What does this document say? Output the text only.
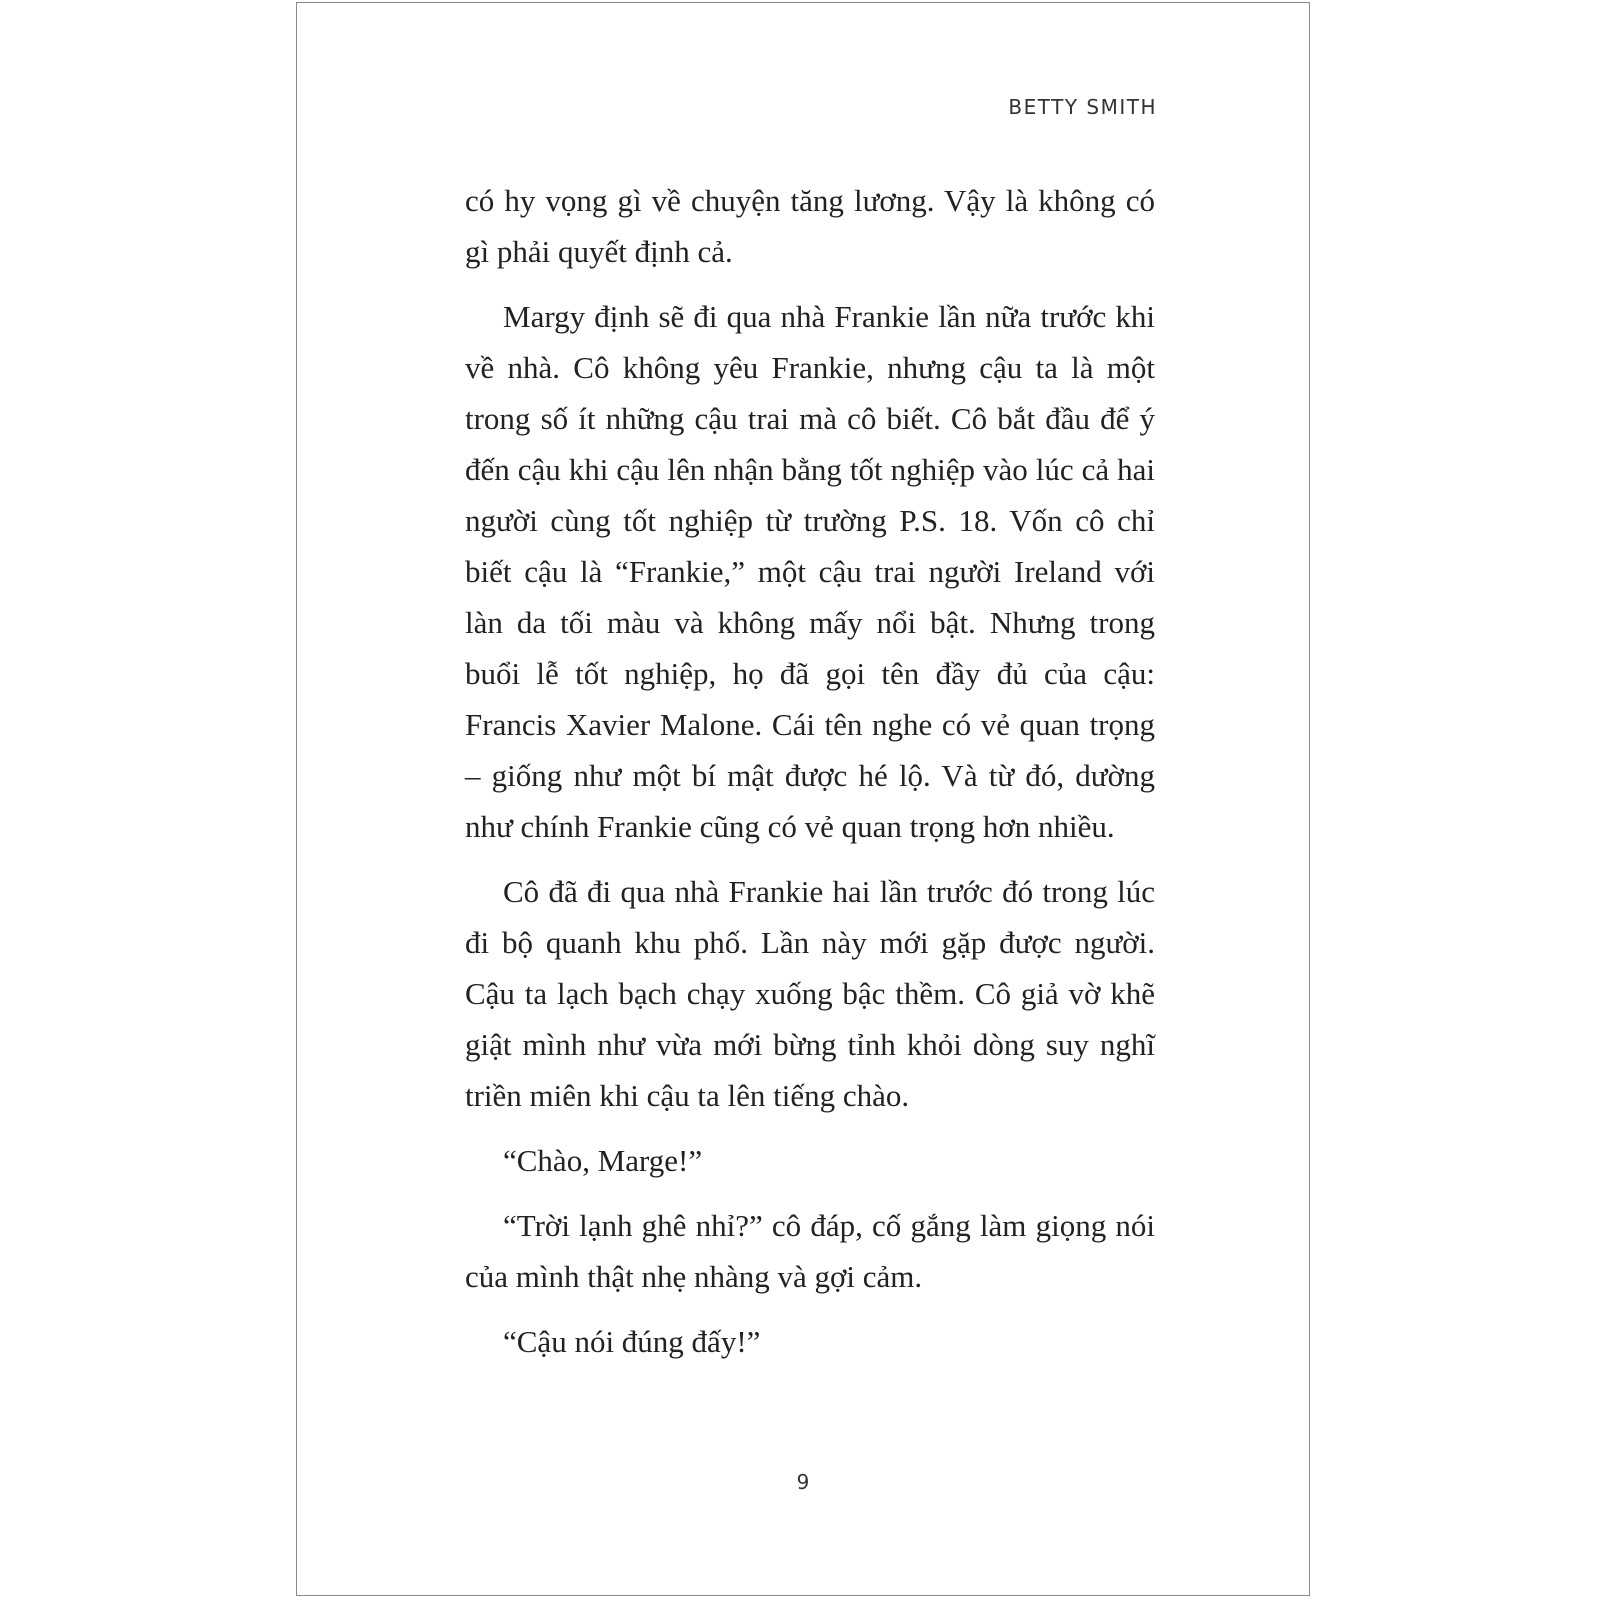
BETTY SMITH

có hy vọng gì về chuyện tăng lương. Vậy là không có gì phải quyết định cả.

Margy định sẽ đi qua nhà Frankie lần nữa trước khi về nhà. Cô không yêu Frankie, nhưng cậu ta là một trong số ít những cậu trai mà cô biết. Cô bắt đầu để ý đến cậu khi cậu lên nhận bằng tốt nghiệp vào lúc cả hai người cùng tốt nghiệp từ trường P.S. 18. Vốn cô chỉ biết cậu là “Frankie,” một cậu trai người Ireland với làn da tối màu và không mấy nổi bật. Nhưng trong buổi lễ tốt nghiệp, họ đã gọi tên đầy đủ của cậu: Francis Xavier Malone. Cái tên nghe có vẻ quan trọng – giống như một bí mật được hé lộ. Và từ đó, dường như chính Frankie cũng có vẻ quan trọng hơn nhiều.

Cô đã đi qua nhà Frankie hai lần trước đó trong lúc đi bộ quanh khu phố. Lần này mới gặp được người. Cậu ta lạch bạch chạy xuống bậc thềm. Cô giả vờ khẽ giật mình như vừa mới bừng tỉnh khỏi dòng suy nghĩ triền miên khi cậu ta lên tiếng chào.

“Chào, Marge!”

“Trời lạnh ghê nhỉ?” cô đáp, cố gắng làm giọng nói của mình thật nhẹ nhàng và gợi cảm.

“Cậu nói đúng đấy!”

9
